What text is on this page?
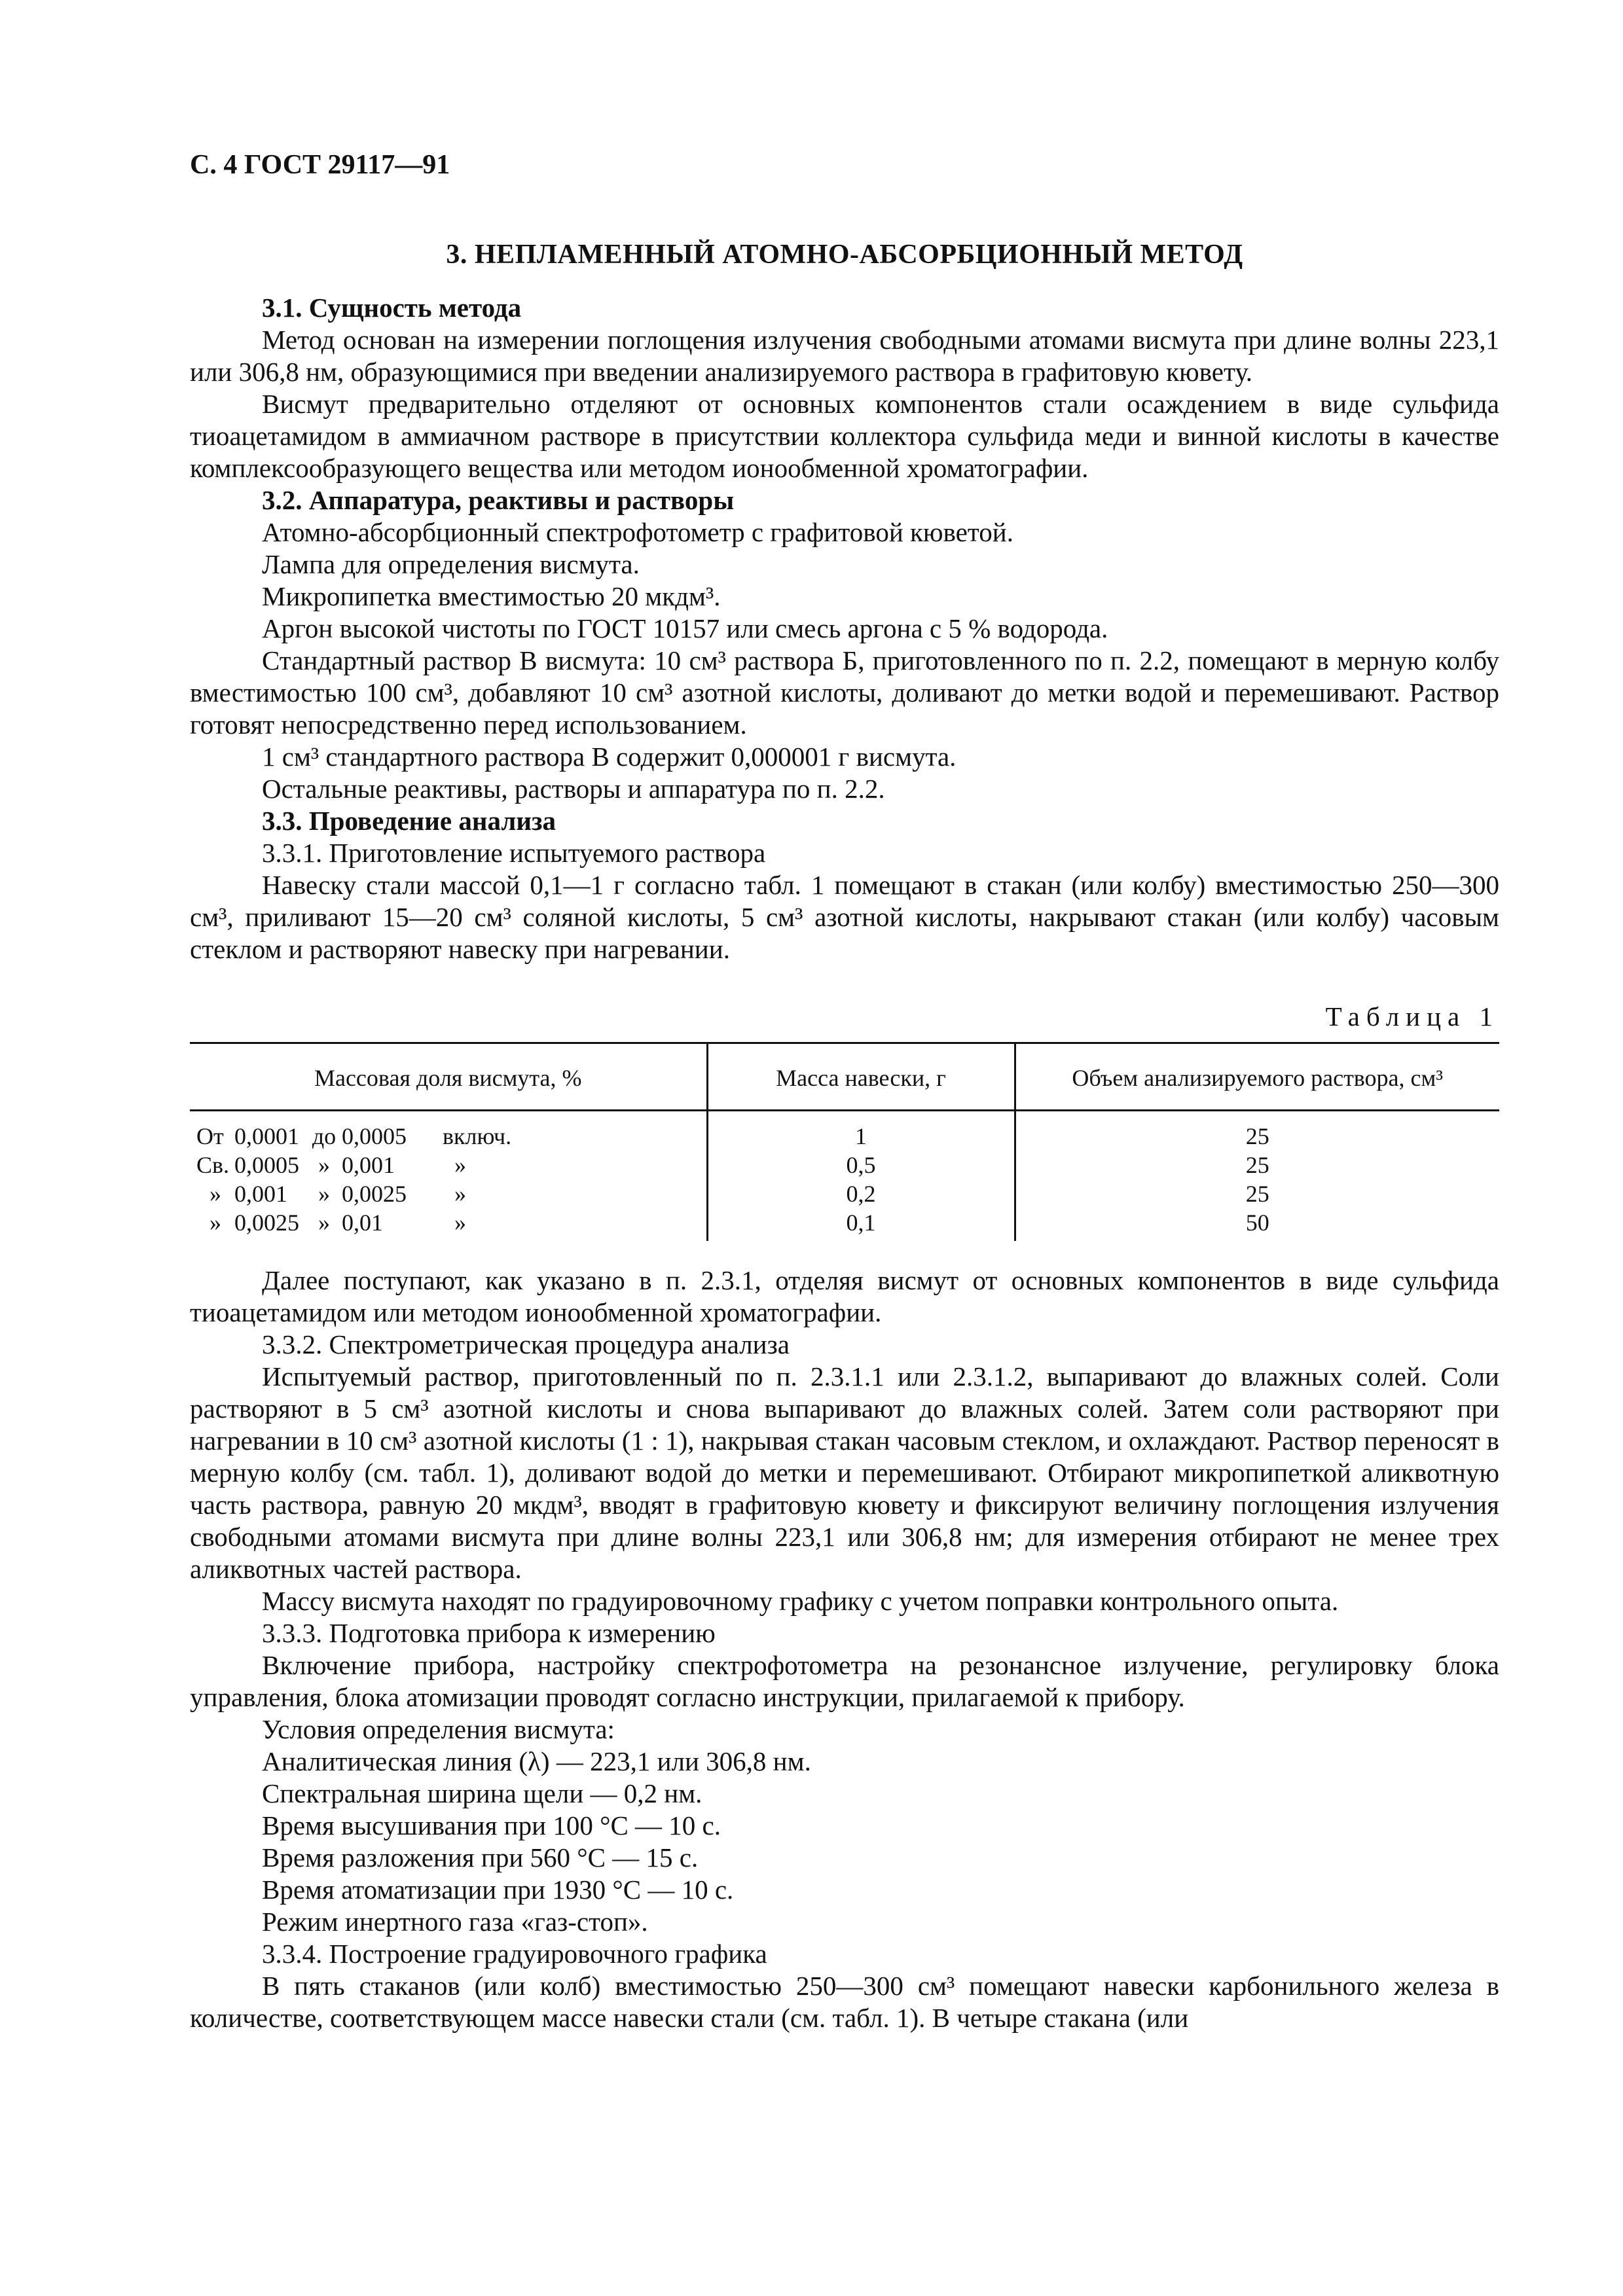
С. 4 ГОСТ 29117—91

3. НЕПЛАМЕННЫЙ АТОМНО-АБСОРБЦИОННЫЙ МЕТОД

3.1. Сущность метода

Метод основан на измерении поглощения излучения свободными атомами висмута при длине волны 223,1 или 306,8 нм, образующимися при введении анализируемого раствора в графитовую кювету.

Висмут предварительно отделяют от основных компонентов стали осаждением в виде сульфида тиоацетамидом в аммиачном растворе в присутствии коллектора сульфида меди и винной кислоты в качестве комплексообразующего вещества или методом ионообменной хроматографии.

3.2. Аппаратура, реактивы и растворы

Атомно-абсорбционный спектрофотометр с графитовой кюветой.

Лампа для определения висмута.

Микропипетка вместимостью 20 мкдм³.

Аргон высокой чистоты по ГОСТ 10157 или смесь аргона с 5 % водорода.

Стандартный раствор В висмута: 10 см³ раствора Б, приготовленного по п. 2.2, помещают в мерную колбу вместимостью 100 см³, добавляют 10 см³ азотной кислоты, доливают до метки водой и перемешивают. Раствор готовят непосредственно перед использованием.

1 см³ стандартного раствора В содержит 0,000001 г висмута.

Остальные реактивы, растворы и аппаратура по п. 2.2.

3.3. Проведение анализа

3.3.1. Приготовление испытуемого раствора

Навеску стали массой 0,1—1 г согласно табл. 1 помещают в стакан (или колбу) вместимостью 250—300 см³, приливают 15—20 см³ соляной кислоты, 5 см³ азотной кислоты, накрывают стакан (или колбу) часовым стеклом и растворяют навеску при нагревании.

Таблица 1

Массовая доля висмута, %	Масса навески, г	Объем анализируемого раствора, см³

От 0,0001 до 0,0005 включ.	1	25

Св. 0,0005 » 0,001 »	0,5	25

» 0,001 » 0,0025 »	0,2	25

» 0,0025 » 0,01 »	0,1	50

Далее поступают, как указано в п. 2.3.1, отделяя висмут от основных компонентов в виде сульфида тиоацетамидом или методом ионообменной хроматографии.

3.3.2. Спектрометрическая процедура анализа

Испытуемый раствор, приготовленный по п. 2.3.1.1 или 2.3.1.2, выпаривают до влажных солей. Соли растворяют в 5 см³ азотной кислоты и снова выпаривают до влажных солей. Затем соли растворяют при нагревании в 10 см³ азотной кислоты (1 : 1), накрывая стакан часовым стеклом, и охлаждают. Раствор переносят в мерную колбу (см. табл. 1), доливают водой до метки и перемешивают. Отбирают микропипеткой аликвотную часть раствора, равную 20 мкдм³, вводят в графитовую кювету и фиксируют величину поглощения излучения свободными атомами висмута при длине волны 223,1 или 306,8 нм; для измерения отбирают не менее трех аликвотных частей раствора.

Массу висмута находят по градуировочному графику с учетом поправки контрольного опыта.

3.3.3. Подготовка прибора к измерению

Включение прибора, настройку спектрофотометра на резонансное излучение, регулировку блока управления, блока атомизации проводят согласно инструкции, прилагаемой к прибору.

Условия определения висмута:

Аналитическая линия (λ) — 223,1 или 306,8 нм.

Спектральная ширина щели — 0,2 нм.

Время высушивания при 100 °С — 10 с.

Время разложения при 560 °С — 15 с.

Время атоматизации при 1930 °С — 10 с.

Режим инертного газа «газ-стоп».

3.3.4. Построение градуировочного графика

В пять стаканов (или колб) вместимостью 250—300 см³ помещают навески карбонильного железа в количестве, соответствующем массе навески стали (см. табл. 1). В четыре стакана (или
